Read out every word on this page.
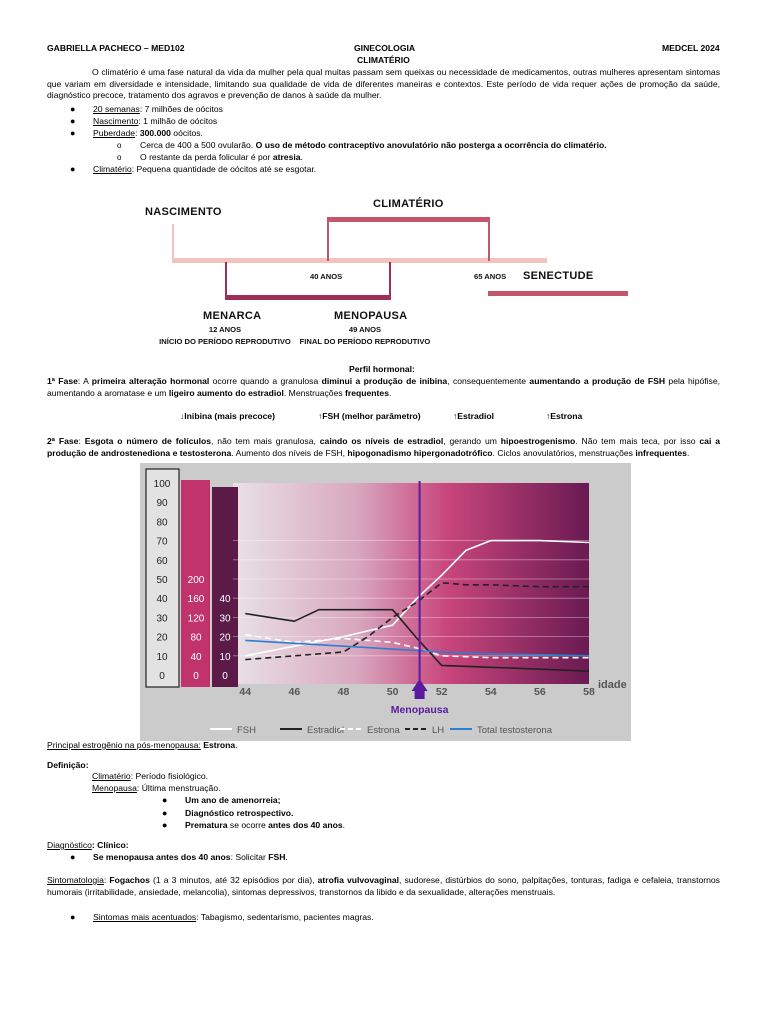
GABRIELLA PACHECO – MED102	GINECOLOGIA	MEDCEL 2024
CLIMATÉRIO

O climatério é uma fase natural da vida da mulher pela qual muitas passam sem queixas ou necessidade de medicamentos, outras mulheres apresentam sintomas que variam em diversidade e intensidade, limitando sua qualidade de vida de diferentes maneiras e contextos. Este período de vida requer ações de promoção da saúde, diagnóstico precoce, tratamento dos agravos e prevenção de danos à saúde da mulher.

● 20 semanas: 7 milhões de oócitos
● Nascimento: 1 milhão de oócitos
● Puberdade: 300.000 oócitos.
o Cerca de 400 a 500 ovularão. O uso de método contraceptivo anovulatório não posterga a ocorrência do climatério.
o O restante da perda folicular é por atresia.
● Climatério: Pequena quantidade de oócitos até se esgotar.
NASCIMENTO
CLIMATÉRIO
40 ANOS	65 ANOS SENECTUDE
MENARCA
12 ANOS
INÍCIO DO PERÍODO REPRODUTIVO
MENOPAUSA
49 ANOS
FINAL DO PERÍODO REPRODUTIVO
Perfil hormonal:

1ª Fase: A primeira alteração hormonal ocorre quando a granulosa diminui a produção de inibina, consequentemente aumentando a produção de FSH pela hipófise, aumentando a aromatase e um ligeiro aumento do estradiol. Menstruações frequentes.

↓Inibina (mais precoce)	↑FSH (melhor parâmetro)	↑Estradiol	↑Estrona

2ª Fase: Esgota o número de folículos, não tem mais granulosa, caindo os níveis de estradiol, gerando um hipoestrogenismo. Não tem mais teca, por isso cai a produção de androstenediona e testosterona. Aumento dos níveis de FSH, hipogonadismo hipergonadotrófico. Ciclos anovulatórios, menstruações infrequentes.

0
10
20
30
40
50
60
70
80
90
100
0
40
80
120
160
200
0
10
20
30
40
44	46	48	50	52	54	56	58
Menopausa
idade
FSH	Estradiol Estrona	LH	Total testosterona
Principal estrogênio na pós-menopausa: Estrona.
Definição:
Climatério: Período fisiológico.
Menopausa: Última menstruação.
● Um ano de amenorreia;
● Diagnóstico retrospectivo.
● Prematura se ocorre antes dos 40 anos.
Diagnóstico: Clínico:
● Se menopausa antes dos 40 anos: Solicitar FSH.

Sintomatologia: Fogachos (1 a 3 minutos, até 32 episódios por dia), atrofia vulvovaginal, sudorese, distúrbios do sono, palpitações, tonturas, fadiga e cefaleia, transtornos humorais (irritabilidade, ansiedade, melancolia), sintomas depressivos, transtornos da libido e da sexualidade, alterações menstruais.

● Sintomas mais acentuados: Tabagismo, sedentarismo, pacientes magras.
